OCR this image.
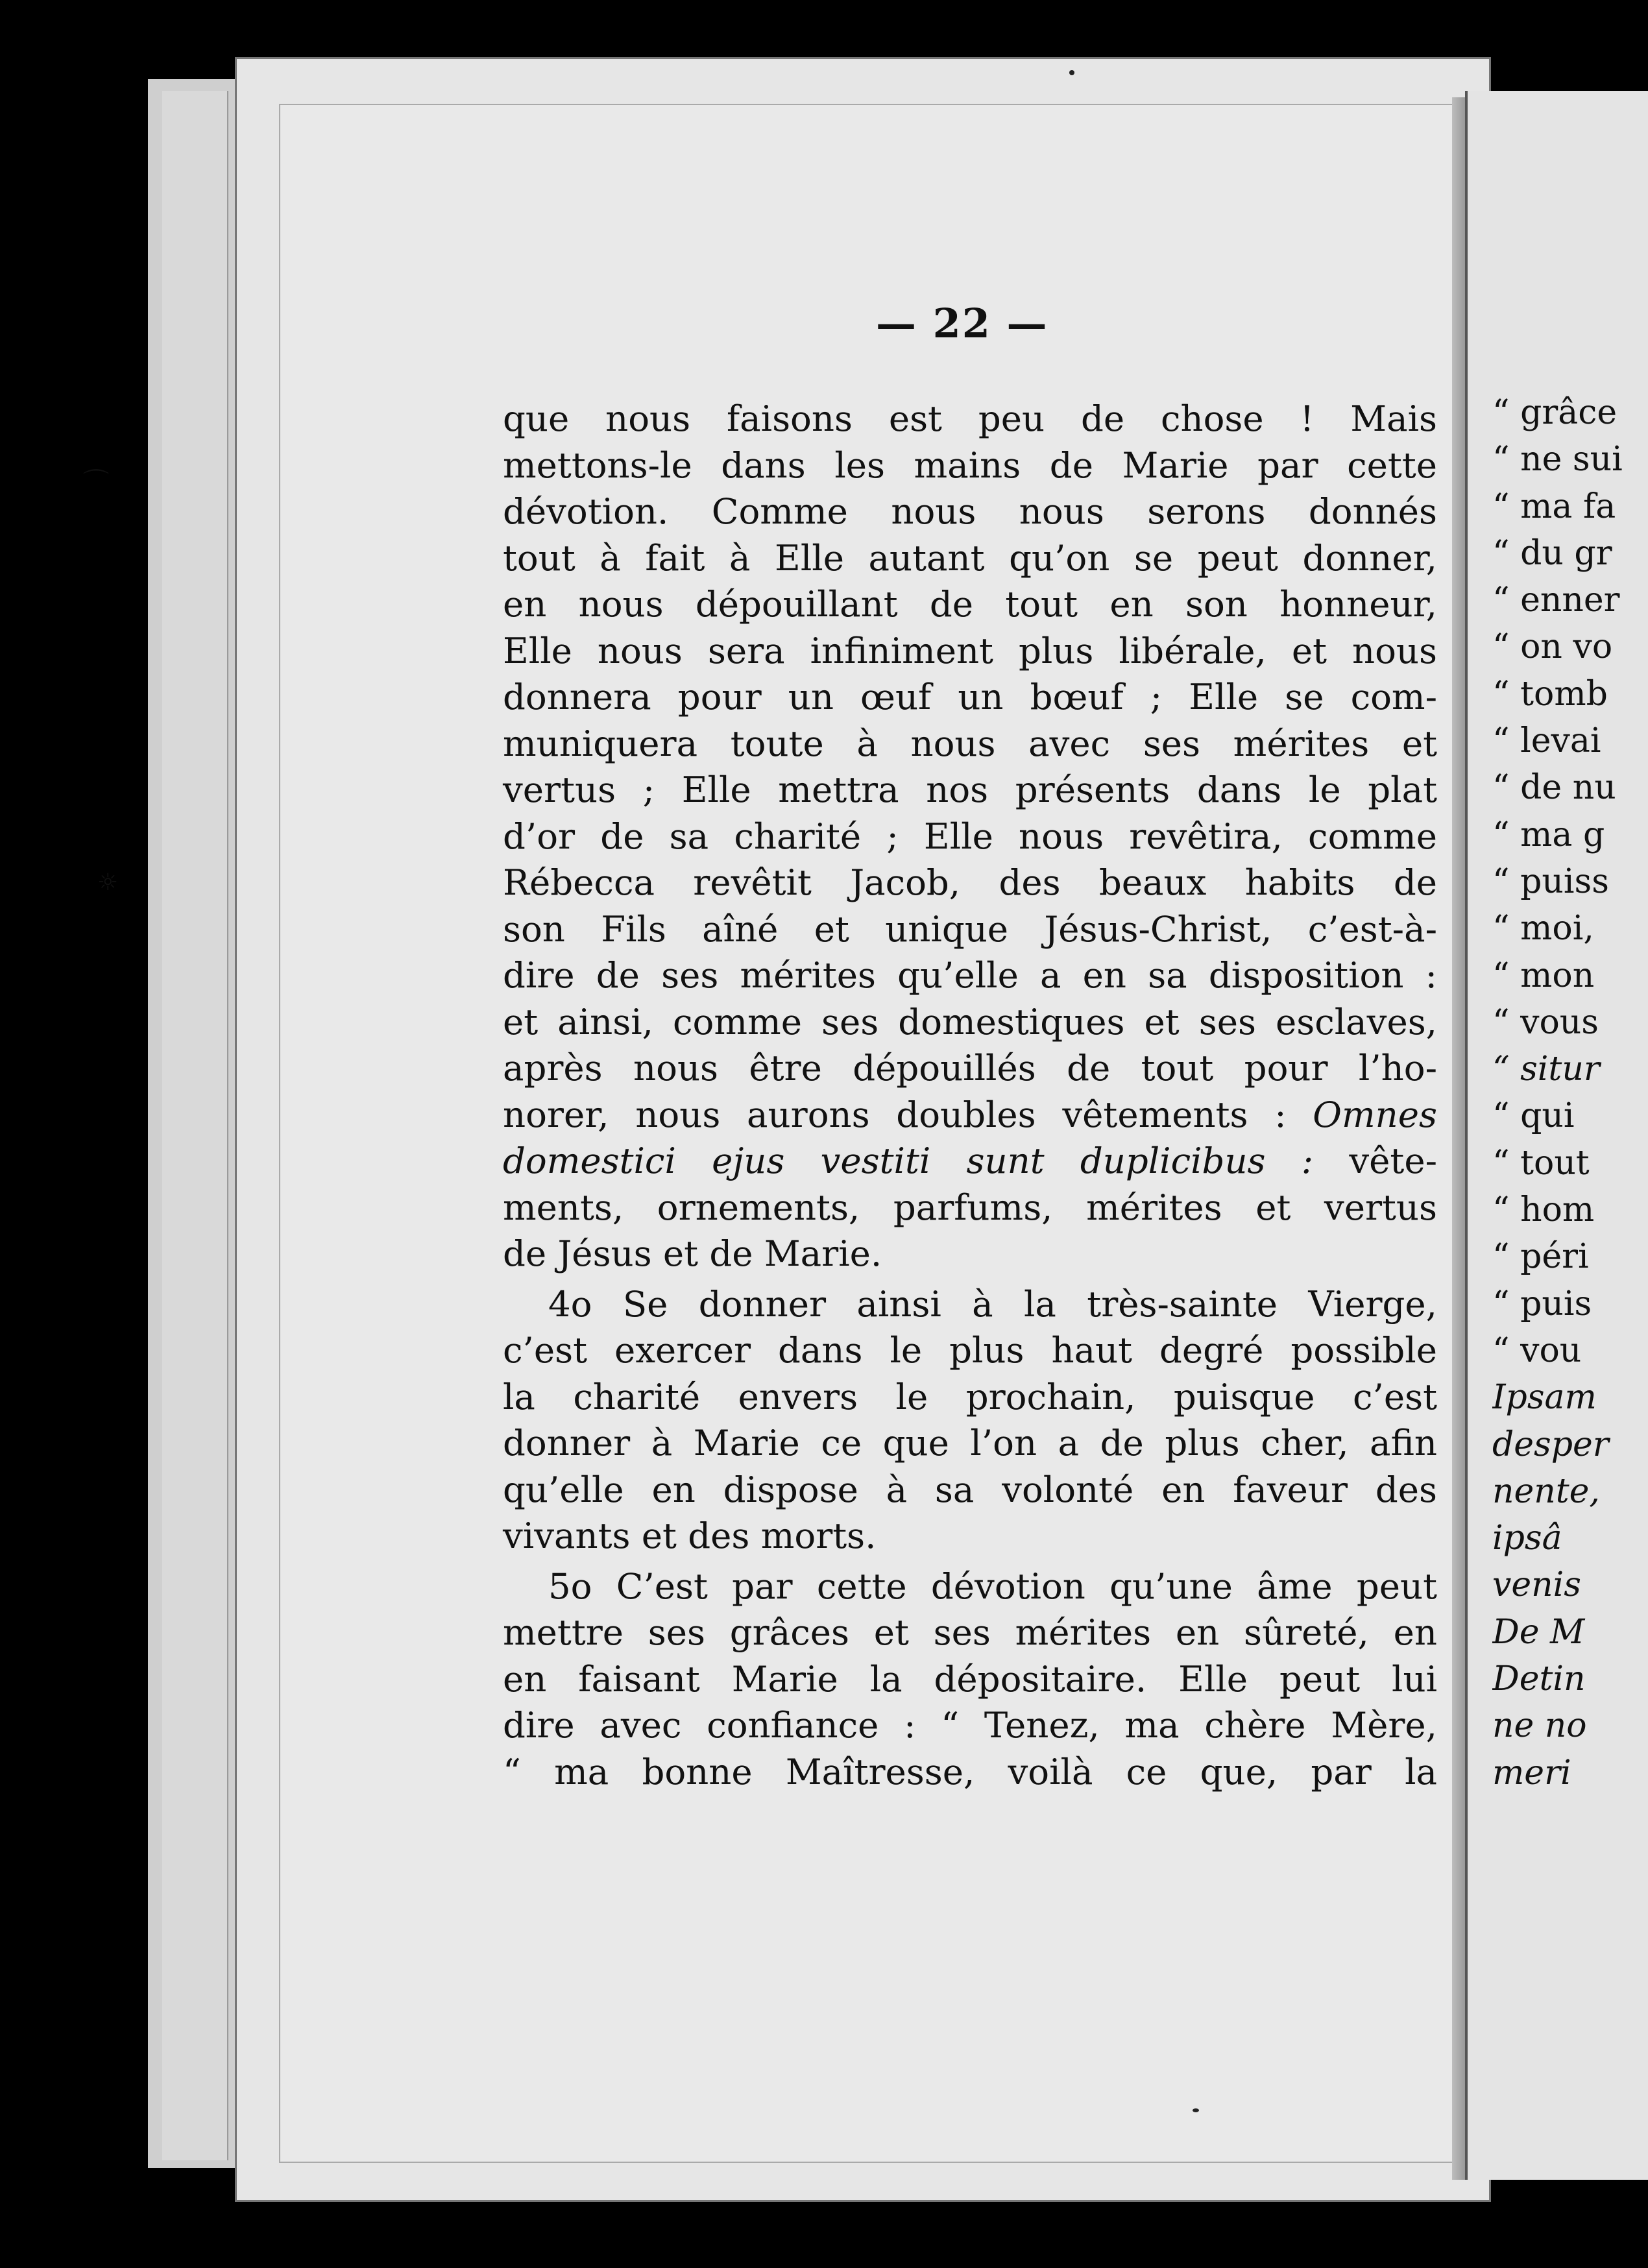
— 22 —
que nous faisons est peu de chose ! Mais
mettons-le dans les mains de Marie par cette
dévotion. Comme nous nous serons donnés
tout à fait à Elle autant qu’on se peut donner,
en nous dépouillant de tout en son honneur,
Elle nous sera infiniment plus libérale, et nous
donnera pour un œuf un bœuf ; Elle se com-
muniquera toute à nous avec ses mérites et
vertus ; Elle mettra nos présents dans le plat
d’or de sa charité ; Elle nous revêtira, comme
Rébecca revêtit Jacob, des beaux habits de
son Fils aîné et unique Jésus-Christ, c’est-à-
dire de ses mérites qu’elle a en sa disposition :
et ainsi, comme ses domestiques et ses esclaves,
après nous être dépouillés de tout pour l’ho-
norer, nous aurons doubles vêtements : Omnes
domestici ejus vestiti sunt duplicibus : vête-
ments, ornements, parfums, mérites et vertus
de Jésus et de Marie.
4o Se donner ainsi à la très-sainte Vierge,
c’est exercer dans le plus haut degré possible
la charité envers le prochain, puisque c’est
donner à Marie ce que l’on a de plus cher, afin
qu’elle en dispose à sa volonté en faveur des
vivants et des morts.
5o C’est par cette dévotion qu’une âme peut
mettre ses grâces et ses mérites en sûreté, en
en faisant Marie la dépositaire. Elle peut lui
dire avec confiance : “ Tenez, ma chère Mère,
“ ma bonne Maîtresse, voilà ce que, par la
“ grâce
“ ne sui
“ ma fa
“ du gr
“ enner
“ on vo
“ tomb
“ levai
“ de nu
“ ma g
“ puiss
“ moi,
“ mon
“ vous
“ situr
“ qui
“ tout
“ hom
“ péri
“ puis
“ vou
Ipsam
desper
nente,
ipsâ
venis
De M
Detin
ne no
meri
⌒
☼
